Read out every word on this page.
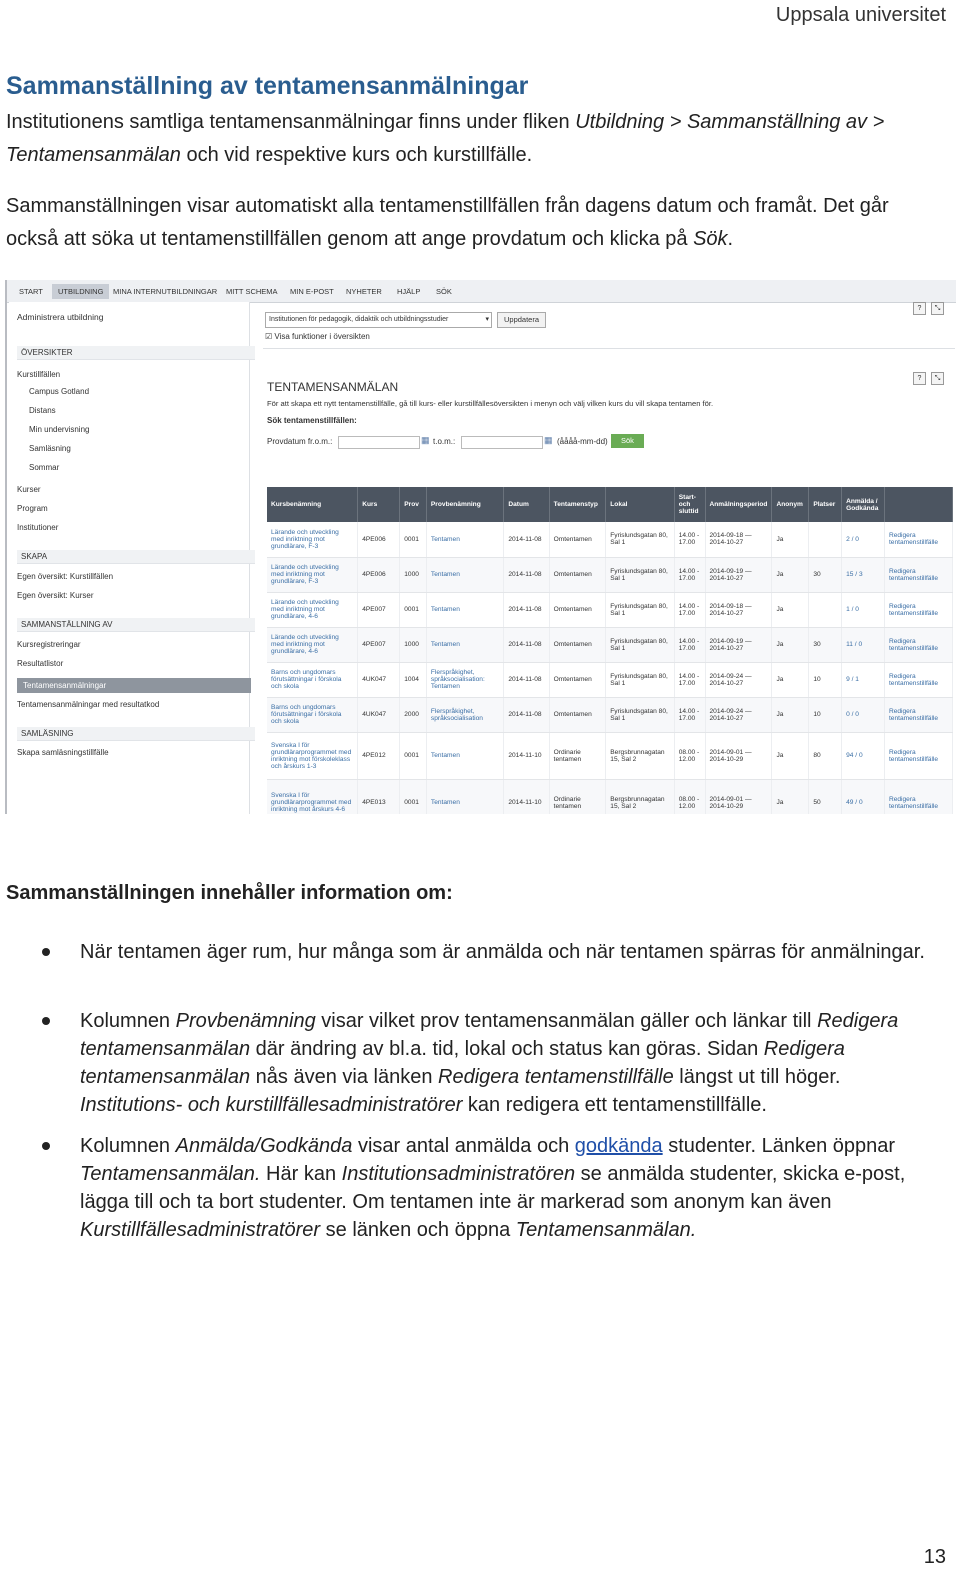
Uppsala universitet
Sammanställning av tentamensanmälningar
Institutionens samtliga tentamensanmälningar finns under fliken Utbildning > Sammanställning av > Tentamensanmälan och vid respektive kurs och kurstillfälle.
Sammanställningen visar automatiskt alla tentamenstillfällen från dagens datum och framåt. Det går också att söka ut tentamenstillfällen genom att ange provdatum och klicka på Sök.
START	UTBILDNING	MINA INTERNUTBILDNINGAR MITT SCHEMA MIN E-POST NYHETER HJÄLP SÖK
Administrera utbildning
ÖVERSIKTER
Kurstillfällen
Campus Gotland
Distans
Min undervisning
Samläsning
Sommar
Kurser
Program
Institutioner
SKAPA
Egen översikt: Kurstillfällen
Egen översikt: Kurser
SAMMANSTÄLLNING AV
Kursregistreringar
Resultatlistor
Tentamensanmälningar
Tentamensanmälningar med resultatkod
SAMLÄSNING
Skapa samläsningstillfälle
Institutionen för pedagogik, didaktik och utbildningsstudier	▾	Uppdatera
☑ Visa funktioner i översikten
?	⤡
?	⤡
TENTAMENSANMÄLAN
För att skapa ett nytt tentamenstillfälle, gå till kurs- eller kurstillfällesöversikten i menyn och välj vilken kurs du vill skapa tentamen för.
Sök tentamenstillfällen:
Provdatum fr.o.m.:	▦ t.o.m.:	▦ (åååå-mm-dd)	Sök
Kursbenämning	Kurs	Prov	Provbenämning	Datum	Tentamenstyp	Lokal	Start- och sluttid	Anmälningsperiod	Anonym	Platser	Anmälda / Godkända	
Lärande och utveckling med inriktning mot grundlärare, F-3	4PE006	0001	Tentamen	2014-11-08	Omtentamen	Fyrislundsgatan 80, Sal 1	14.00 - 17.00	2014-09-18 — 2014-10-27	Ja		2 / 0	Redigera tentamenstillfälle
Lärande och utveckling med inriktning mot grundlärare, F-3	4PE006	1000	Tentamen	2014-11-08	Omtentamen	Fyrislundsgatan 80, Sal 1	14.00 - 17.00	2014-09-19 — 2014-10-27	Ja	30	15 / 3	Redigera tentamenstillfälle
Lärande och utveckling med inriktning mot grundlärare, 4-6	4PE007	0001	Tentamen	2014-11-08	Omtentamen	Fyrislundsgatan 80, Sal 1	14.00 - 17.00	2014-09-18 — 2014-10-27	Ja		1 / 0	Redigera tentamenstillfälle
Lärande och utveckling med inriktning mot grundlärare, 4-6	4PE007	1000	Tentamen	2014-11-08	Omtentamen	Fyrislundsgatan 80, Sal 1	14.00 - 17.00	2014-09-19 — 2014-10-27	Ja	30	11 / 0	Redigera tentamenstillfälle
Barns och ungdomars förutsättningar i förskola och skola	4UK047	1004	Flerspråkighet, språksocialisation: Tentamen	2014-11-08	Omtentamen	Fyrislundsgatan 80, Sal 1	14.00 - 17.00	2014-09-24 — 2014-10-27	Ja	10	9 / 1	Redigera tentamenstillfälle
Barns och ungdomars förutsättningar i förskola och skola	4UK047	2000	Flerspråkighet, språksocialisation	2014-11-08	Omtentamen	Fyrislundsgatan 80, Sal 1	14.00 - 17.00	2014-09-24 — 2014-10-27	Ja	10	0 / 0	Redigera tentamenstillfälle
Svenska I för grundlärarprogrammet med inriktning mot förskoleklass och årskurs 1-3	4PE012	0001	Tentamen	2014-11-10	Ordinarie tentamen	Bergsbrunnagatan 15, Sal 2	08.00 - 12.00	2014-09-01 — 2014-10-29	Ja	80	94 / 0	Redigera tentamenstillfälle
Svenska I för grundlärarprogrammet med inriktning mot årskurs 4-6	4PE013	0001	Tentamen	2014-11-10	Ordinarie tentamen	Bergsbrunnagatan 15, Sal 2	08.00 - 12.00	2014-09-01 — 2014-10-29	Ja	50	49 / 0	Redigera tentamenstillfälle
Sammanställningen innehåller information om:
När tentamen äger rum, hur många som är anmälda och när tentamen spärras för anmälningar.
Kolumnen Provbenämning visar vilket prov tentamensanmälan gäller och länkar till Redigera tentamensanmälan där ändring av bl.a. tid, lokal och status kan göras. Sidan Redigera tentamensanmälan nås även via länken Redigera tentamenstillfälle längst ut till höger. Institutions- och kurstillfällesadministratörer kan redigera ett tentamenstillfälle.
Kolumnen Anmälda/Godkända visar antal anmälda och godkända studenter. Länken öppnar Tentamensanmälan. Här kan Institutionsadministratören se anmälda studenter, skicka e-post, lägga till och ta bort studenter. Om tentamen inte är markerad som anonym kan även Kurstillfällesadministratörer se länken och öppna Tentamensanmälan.
13
